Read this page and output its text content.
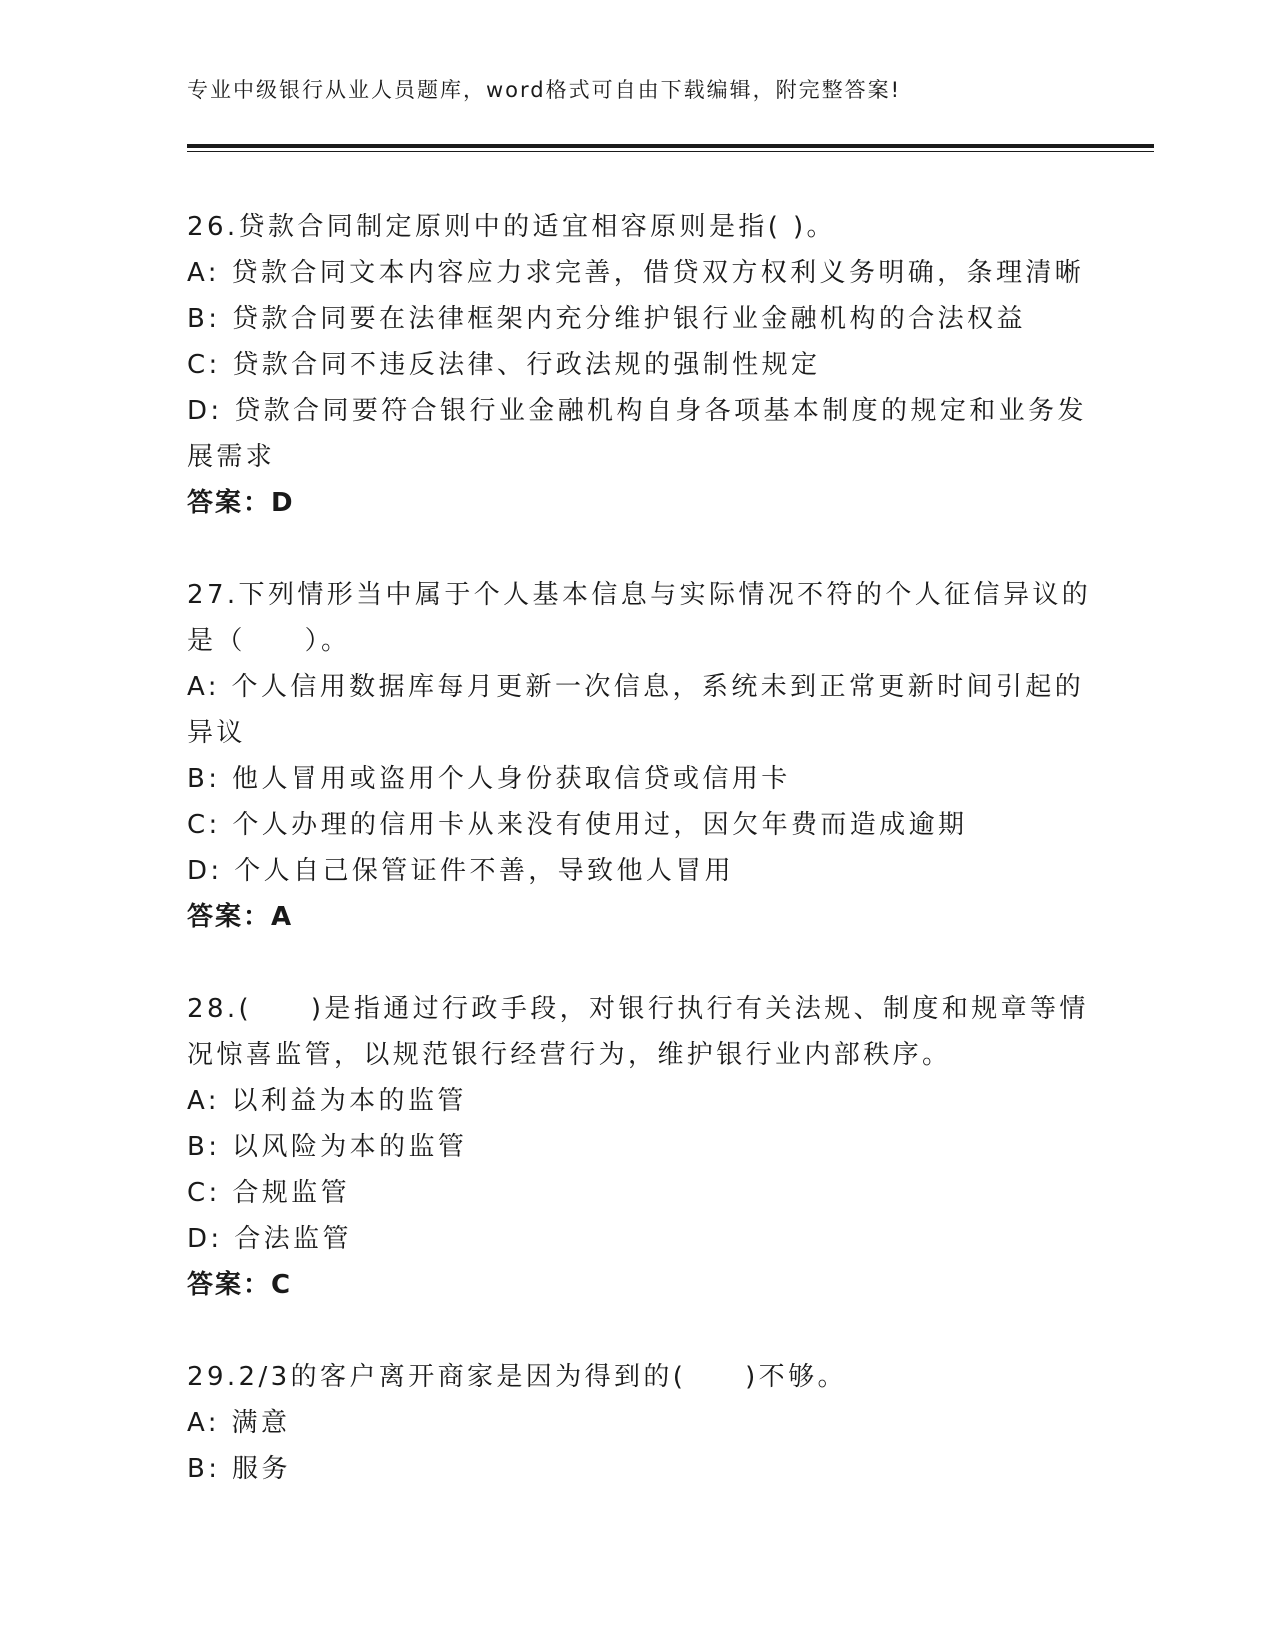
专业中级银行从业人员题库，word格式可自由下载编辑，附完整答案!
26.贷款合同制定原则中的适宜相容原则是指( )。
A: 贷款合同文本内容应力求完善，借贷双方权利义务明确，条理清晰
B: 贷款合同要在法律框架内充分维护银行业金融机构的合法权益
C: 贷款合同不违反法律、行政法规的强制性规定
D: 贷款合同要符合银行业金融机构自身各项基本制度的规定和业务发
展需求
答案：D
27.下列情形当中属于个人基本信息与实际情况不符的个人征信异议的
是（　　）。
A: 个人信用数据库每月更新一次信息，系统未到正常更新时间引起的
异议
B: 他人冒用或盗用个人身份获取信贷或信用卡
C: 个人办理的信用卡从来没有使用过，因欠年费而造成逾期
D: 个人自己保管证件不善，导致他人冒用
答案：A
28.(　　)是指通过行政手段，对银行执行有关法规、制度和规章等情
况惊喜监管，以规范银行经营行为，维护银行业内部秩序。
A: 以利益为本的监管
B: 以风险为本的监管
C: 合规监管
D: 合法监管
答案：C
29.2/3的客户离开商家是因为得到的(　　)不够。
A: 满意
B: 服务
